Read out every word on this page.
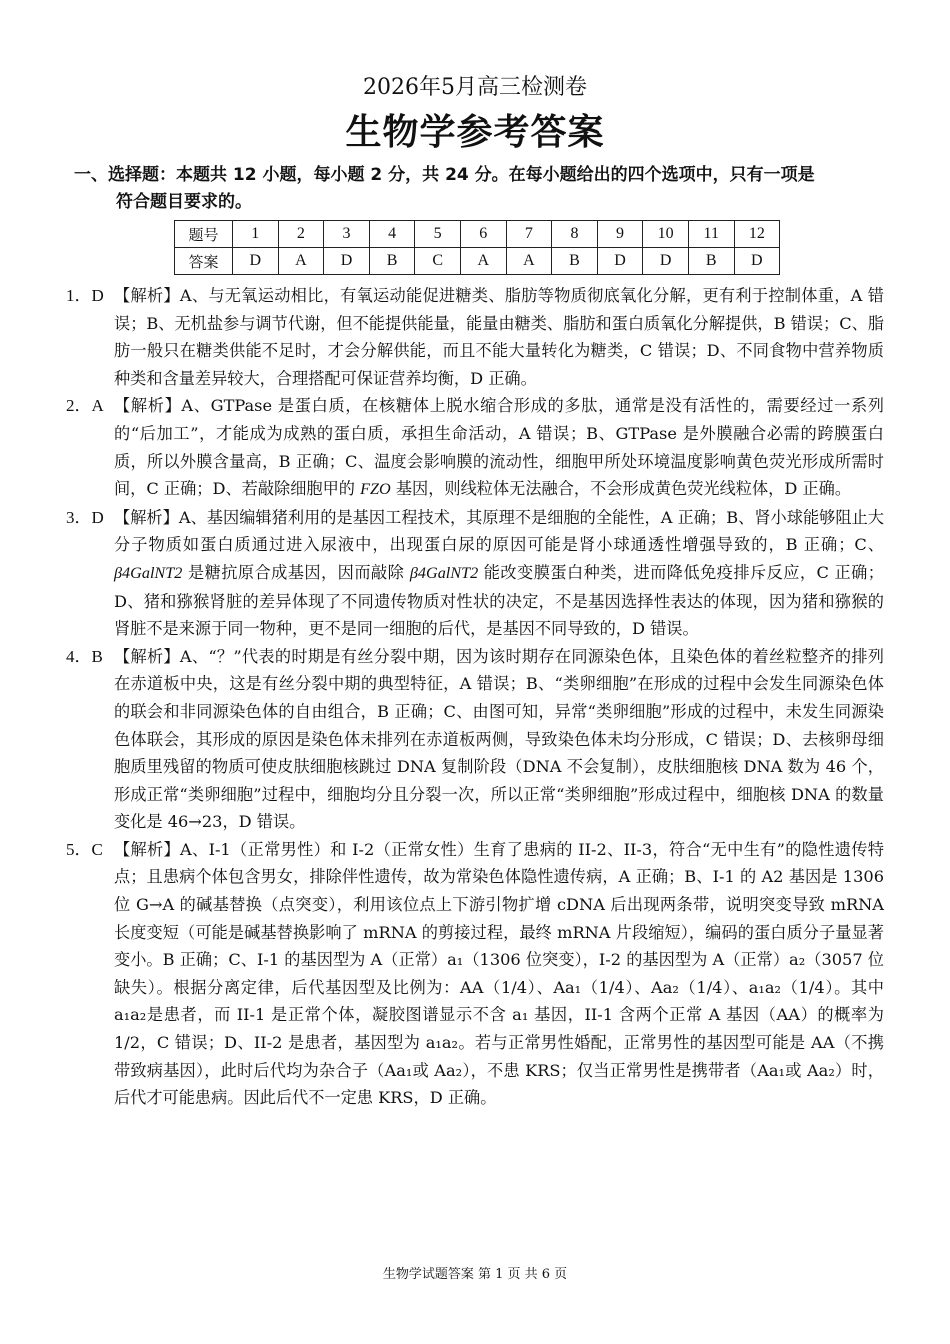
2026年5月高三检测卷
生物学参考答案
一、选择题：本题共 12 小题，每小题 2 分，共 24 分。在每小题给出的四个选项中，只有一项是
符合题目要求的。
题号	1	2	3	4	5	6	7	8	9	10	11	12
答案	D	A	D	B	C	A	A	B	D	D	B	D
1．D 【解析】A、与无氧运动相比，有氧运动能促进糖类、脂肪等物质彻底氧化分解，更有利于控制体重，A 错误；B、无机盐参与调节代谢，但不能提供能量，能量由糖类、脂肪和蛋白质氧化分解提供，B 错误；C、脂肪一般只在糖类供能不足时，才会分解供能，而且不能大量转化为糖类，C 错误；D、不同食物中营养物质种类和含量差异较大，合理搭配可保证营养均衡，D 正确。
2．A 【解析】A、GTPase 是蛋白质，在核糖体上脱水缩合形成的多肽，通常是没有活性的，需要经过一系列的“后加工”，才能成为成熟的蛋白质，承担生命活动，A 错误；B、GTPase 是外膜融合必需的跨膜蛋白质，所以外膜含量高，B 正确；C、温度会影响膜的流动性，细胞甲所处环境温度影响黄色荧光形成所需时间，C 正确；D、若敲除细胞甲的 FZO 基因，则线粒体无法融合，不会形成黄色荧光线粒体，D 正确。
3．D 【解析】A、基因编辑猪利用的是基因工程技术，其原理不是细胞的全能性，A 正确；B、肾小球能够阻止大分子物质如蛋白质通过进入尿液中，出现蛋白尿的原因可能是肾小球通透性增强导致的，B 正确；C、β4GalNT2 是糖抗原合成基因，因而敲除 β4GalNT2 能改变膜蛋白种类，进而降低免疫排斥反应，C 正确；D、猪和猕猴肾脏的差异体现了不同遗传物质对性状的决定，不是基因选择性表达的体现，因为猪和猕猴的肾脏不是来源于同一物种，更不是同一细胞的后代，是基因不同导致的，D 错误。
4．B 【解析】A、“？”代表的时期是有丝分裂中期，因为该时期存在同源染色体，且染色体的着丝粒整齐的排列在赤道板中央，这是有丝分裂中期的典型特征，A 错误；B、“类卵细胞”在形成的过程中会发生同源染色体的联会和非同源染色体的自由组合，B 正确；C、由图可知，异常“类卵细胞”形成的过程中，未发生同源染色体联会，其形成的原因是染色体未排列在赤道板两侧，导致染色体未均分形成，C 错误；D、去核卵母细胞质里残留的物质可使皮肤细胞核跳过 DNA 复制阶段（DNA 不会复制），皮肤细胞核 DNA 数为 46 个，形成正常“类卵细胞”过程中，细胞均分且分裂一次，所以正常“类卵细胞”形成过程中，细胞核 DNA 的数量变化是 46→23，D 错误。
5．C 【解析】A、I-1（正常男性）和 I-2（正常女性）生育了患病的 II-2、II-3，符合“无中生有”的隐性遗传特点；且患病个体包含男女，排除伴性遗传，故为常染色体隐性遗传病，A 正确；B、I-1 的 A2 基因是 1306 位 G→A 的碱基替换（点突变），利用该位点上下游引物扩增 cDNA 后出现两条带，说明突变导致 mRNA 长度变短（可能是碱基替换影响了 mRNA 的剪接过程，最终 mRNA 片段缩短），编码的蛋白质分子量显著变小。B 正确；C、I-1 的基因型为 A（正常）a₁（1306 位突变），I-2 的基因型为 A（正常）a₂（3057 位缺失）。根据分离定律，后代基因型及比例为：AA（1/4）、Aa₁（1/4）、Aa₂（1/4）、a₁a₂（1/4）。其中 a₁a₂是患者，而 II-1 是正常个体，凝胶图谱显示不含 a₁ 基因，II-1 含两个正常 A 基因（AA）的概率为 1/2，C 错误；D、II-2 是患者，基因型为 a₁a₂。若与正常男性婚配，正常男性的基因型可能是 AA（不携带致病基因），此时后代均为杂合子（Aa₁或 Aa₂），不患 KRS；仅当正常男性是携带者（Aa₁或 Aa₂）时，后代才可能患病。因此后代不一定患 KRS，D 正确。
生物学试题答案 第 1 页 共 6 页
